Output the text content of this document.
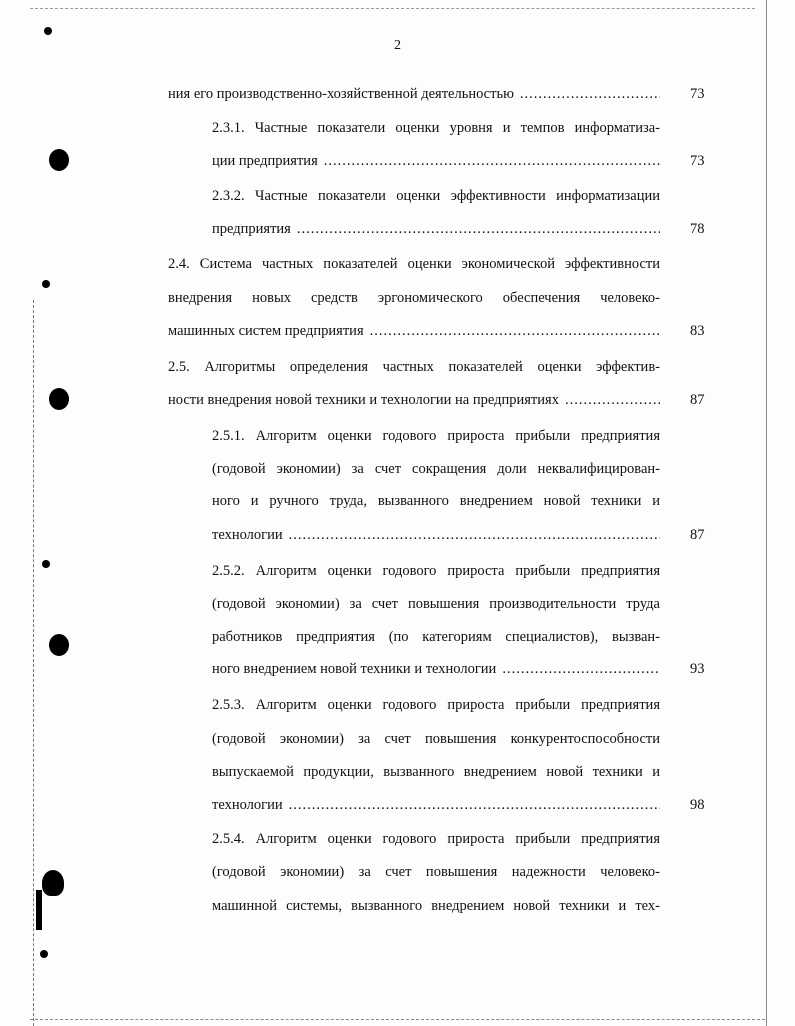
2
ния его производственно-хозяйственной деятельностью .....	73
2.3.1. Частные показатели оценки уровня и темпов информатиза-
ции предприятия .....	73
2.3.2. Частные показатели оценки эффективности информатизации
предприятия .....	78
2.4. Система частных показателей оценки экономической эффективности
внедрения новых средств эргономического обеспечения человеко-
машинных систем предприятия .....	83
2.5. Алгоритмы определения частных показателей оценки эффектив-
ности внедрения новой техники и технологии на предприятиях .....	87
2.5.1. Алгоритм оценки годового прироста прибыли предприятия
(годовой экономии) за счет сокращения доли неквалифицирован-
ного и ручного труда, вызванного внедрением новой техники и
технологии .....	87
2.5.2. Алгоритм оценки годового прироста прибыли предприятия
(годовой экономии) за счет повышения производительности труда
работников предприятия (по категориям специалистов), вызван-
ного внедрением новой техники и технологии .....	93
2.5.3. Алгоритм оценки годового прироста прибыли предприятия
(годовой экономии) за счет повышения конкурентоспособности
выпускаемой продукции, вызванного внедрением новой техники и
технологии .....	98
2.5.4. Алгоритм оценки годового прироста прибыли предприятия
(годовой экономии) за счет повышения надежности человеко-
машинной системы, вызванного внедрением новой техники и тех-
